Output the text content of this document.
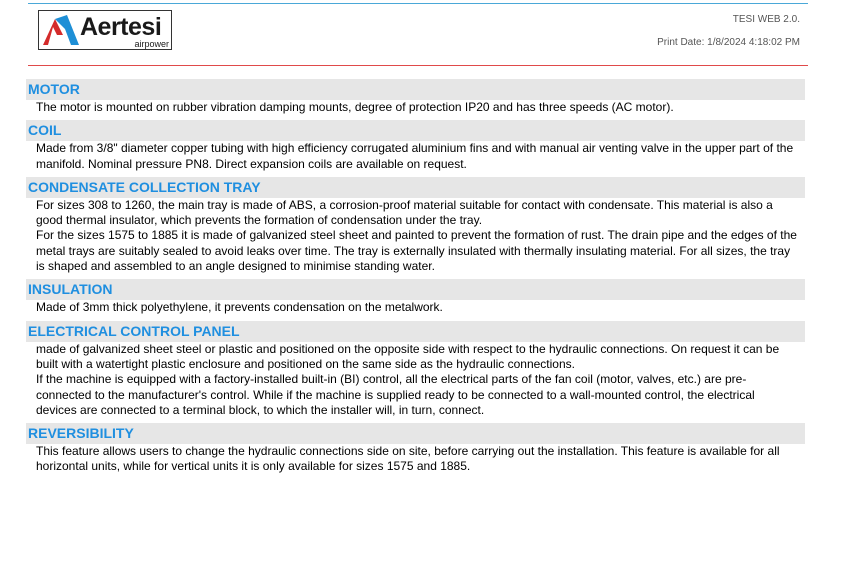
Aertesi
airpower
TESI WEB 2.0.
Print Date: 1/8/2024 4:18:02 PM
MOTOR

The motor is mounted on rubber vibration damping mounts, degree of protection IP20 and has three speeds (AC motor).

COIL

Made from 3/8" diameter copper tubing with high efficiency corrugated aluminium fins and with manual air venting valve in the upper part of the manifold. Nominal pressure PN8. Direct expansion coils are available on request.

CONDENSATE COLLECTION TRAY

For sizes 308 to 1260, the main tray is made of ABS, a corrosion-proof material suitable for contact with condensate. This material is also a good thermal insulator, which prevents the formation of condensation under the tray.

For the sizes 1575 to 1885 it is made of galvanized steel sheet and painted to prevent the formation of rust. The drain pipe and the edges of the metal trays are suitably sealed to avoid leaks over time. The tray is externally insulated with thermally insulating material. For all sizes, the tray is shaped and assembled to an angle designed to minimise standing water.

INSULATION

Made of 3mm thick polyethylene, it prevents condensation on the metalwork.

ELECTRICAL CONTROL PANEL

made of galvanized sheet steel or plastic and positioned on the opposite side with respect to the hydraulic connections. On request it can be built with a watertight plastic enclosure and positioned on the same side as the hydraulic connections.

If the machine is equipped with a factory-installed built-in (BI) control, all the electrical parts of the fan coil (motor, valves, etc.) are pre-connected to the manufacturer's control. While if the machine is supplied ready to be connected to a wall-mounted control, the electrical devices are connected to a terminal block, to which the installer will, in turn, connect.

REVERSIBILITY

This feature allows users to change the hydraulic connections side on site, before carrying out the installation. This feature is available for all horizontal units, while for vertical units it is only available for sizes 1575 and 1885.
